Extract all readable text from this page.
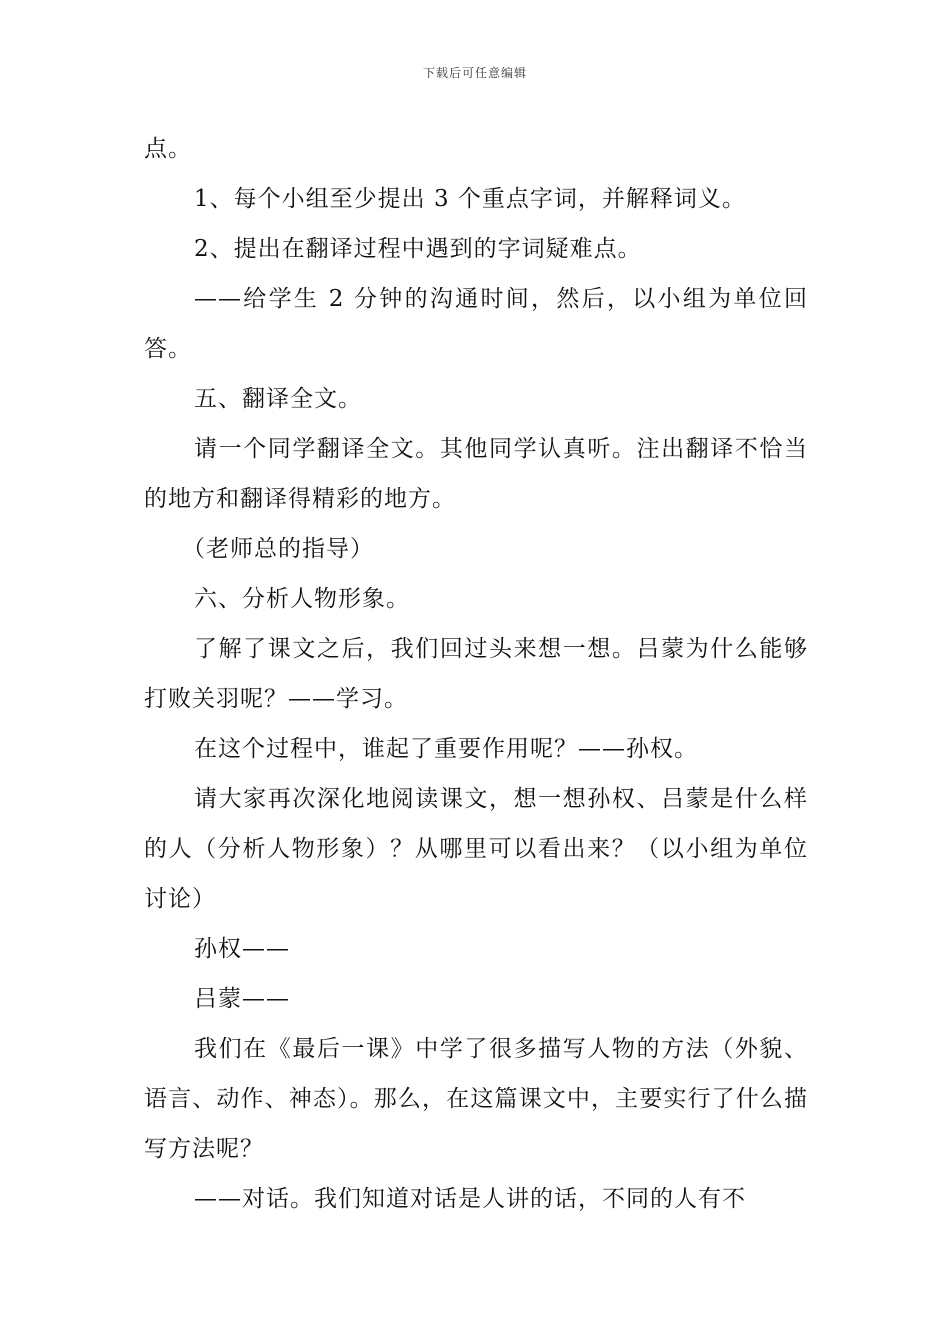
下载后可任意编辑

点。

1、每个小组至少提出 3 个重点字词，并解释词义。

2、提出在翻译过程中遇到的字词疑难点。

——给学生 2 分钟的沟通时间，然后，以小组为单位回答。

五、翻译全文。

请一个同学翻译全文。其他同学认真听。注出翻译不恰当的地方和翻译得精彩的地方。

（老师总的指导）

六、分析人物形象。

了解了课文之后，我们回过头来想一想。吕蒙为什么能够打败关羽呢？——学习。

在这个过程中，谁起了重要作用呢？——孙权。

请大家再次深化地阅读课文，想一想孙权、吕蒙是什么样的人（分析人物形象）？从哪里可以看出来？（以小组为单位讨论）

孙权——

吕蒙——

我们在《最后一课》中学了很多描写人物的方法（外貌、语言、动作、神态）。那么，在这篇课文中，主要实行了什么描写方法呢？

——对话。我们知道对话是人讲的话，不同的人有不
